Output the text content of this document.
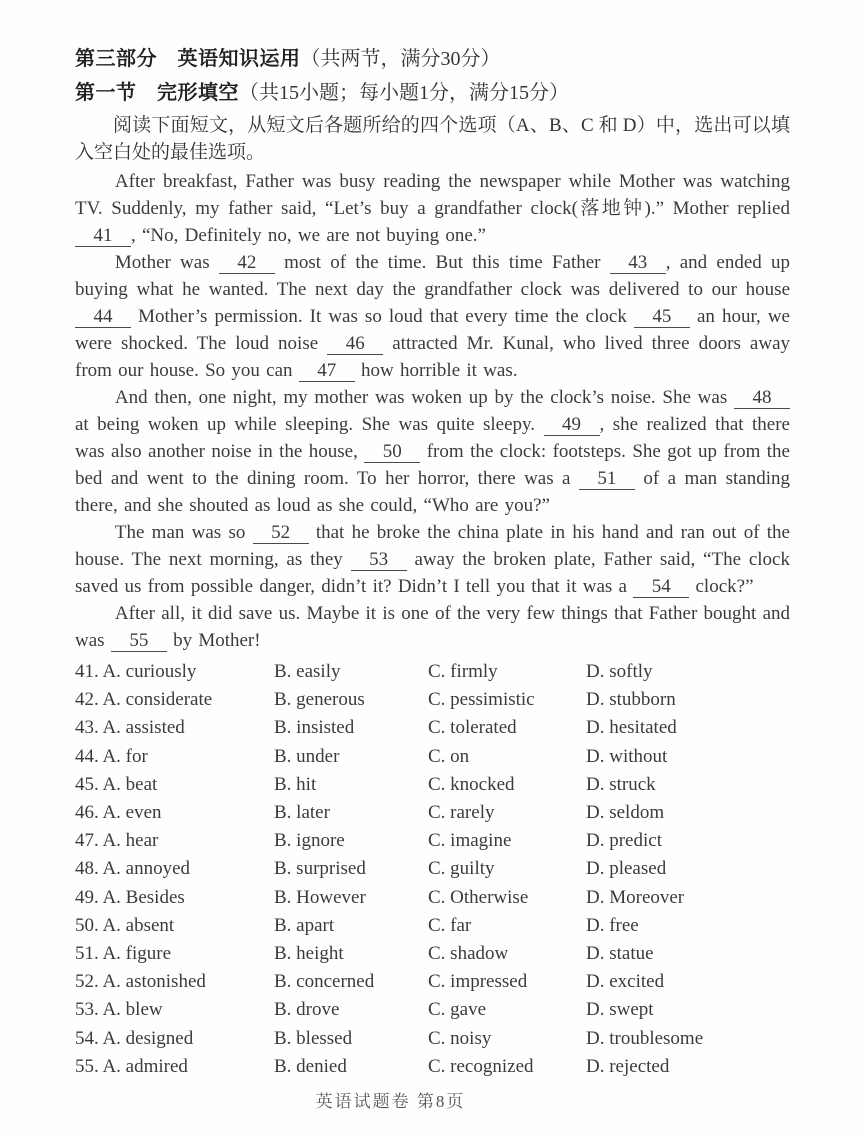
第三部分　英语知识运用（共两节，满分30分）
第一节　完形填空（共15小题；每小题1分，满分15分）

阅读下面短文，从短文后各题所给的四个选项（A、B、C 和 D）中，选出可以填入空白处的最佳选项。

After breakfast, Father was busy reading the newspaper while Mother was watching TV. Suddenly, my father said, “Let’s buy a grandfather clock(落地钟).” Mother replied 41 , “No, Definitely no, we are not buying one.”

Mother was 42 most of the time. But this time Father 43 , and ended up buying what he wanted. The next day the grandfather clock was delivered to our house 44 Mother’s permission. It was so loud that every time the clock 45 an hour, we were shocked. The loud noise 46 attracted Mr. Kunal, who lived three doors away from our house. So you can 47 how horrible it was.

And then, one night, my mother was woken up by the clock’s noise. She was 48 at being woken up while sleeping. She was quite sleepy. 49 , she realized that there was also another noise in the house, 50 from the clock: footsteps. She got up from the bed and went to the dining room. To her horror, there was a 51 of a man standing there, and she shouted as loud as she could, “Who are you?”

The man was so 52 that he broke the china plate in his hand and ran out of the house. The next morning, as they 53 away the broken plate, Father said, “The clock saved us from possible danger, didn’t it? Didn’t I tell you that it was a 54 clock?”

After all, it did save us. Maybe it is one of the very few things that Father bought and was 55 by Mother!

41. A. curiously	B. easily	C. firmly	D. softly
42. A. considerate	B. generous	C. pessimistic	D. stubborn
43. A. assisted	B. insisted	C. tolerated	D. hesitated
44. A. for	B. under	C. on	D. without
45. A. beat	B. hit	C. knocked	D. struck
46. A. even	B. later	C. rarely	D. seldom
47. A. hear	B. ignore	C. imagine	D. predict
48. A. annoyed	B. surprised	C. guilty	D. pleased
49. A. Besides	B. However	C. Otherwise	D. Moreover
50. A. absent	B. apart	C. far	D. free
51. A. figure	B. height	C. shadow	D. statue
52. A. astonished	B. concerned	C. impressed	D. excited
53. A. blew	B. drove	C. gave	D. swept
54. A. designed	B. blessed	C. noisy	D. troublesome
55. A. admired	B. denied	C. recognized	D. rejected
英语试题卷 第8页
